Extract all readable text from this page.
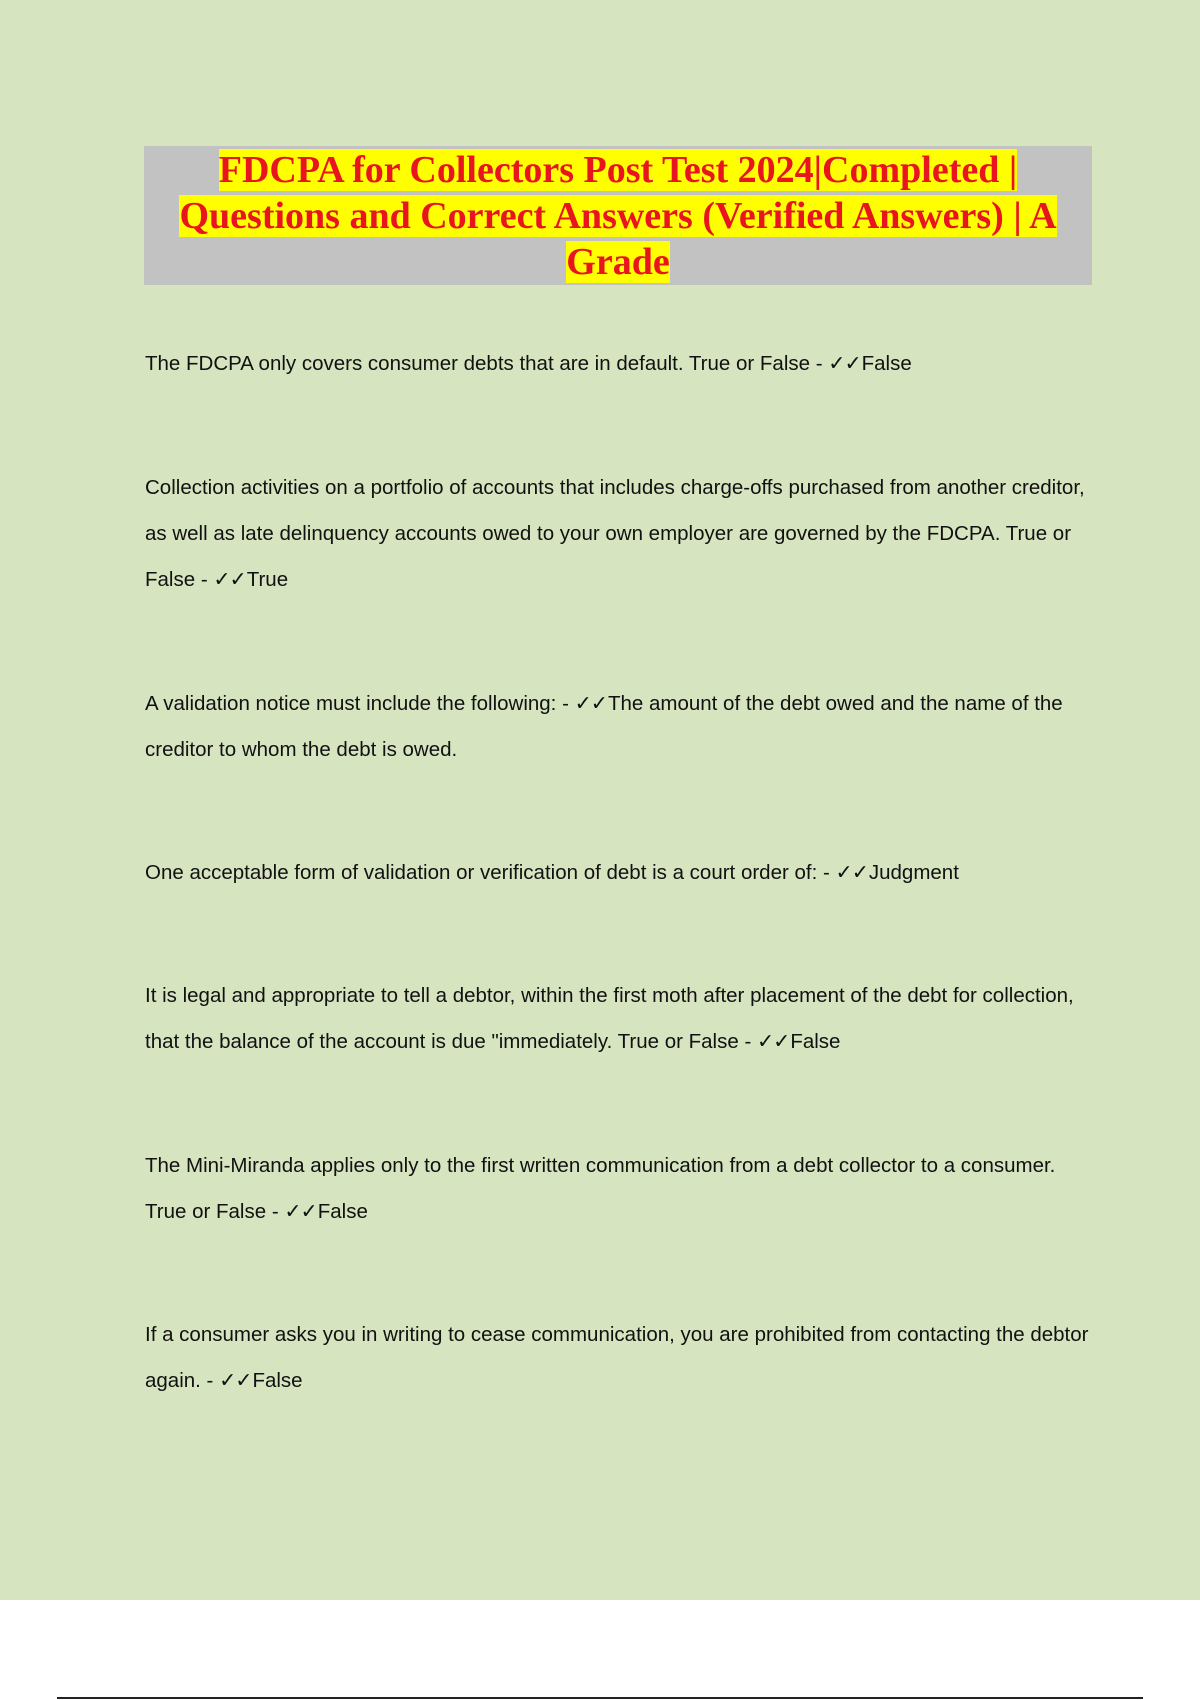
FDCPA for Collectors Post Test 2024|Completed | Questions and Correct Answers (Verified Answers) | A Grade

The FDCPA only covers consumer debts that are in default. True or False - ✓✓False

Collection activities on a portfolio of accounts that includes charge-offs purchased from another creditor, as well as late delinquency accounts owed to your own employer are governed by the FDCPA. True or False - ✓✓True

A validation notice must include the following: - ✓✓The amount of the debt owed and the name of the creditor to whom the debt is owed.

One acceptable form of validation or verification of debt is a court order of: - ✓✓Judgment

It is legal and appropriate to tell a debtor, within the first moth after placement of the debt for collection, that the balance of the account is due "immediately. True or False - ✓✓False

The Mini-Miranda applies only to the first written communication from a debt collector to a consumer. True or False - ✓✓False

If a consumer asks you in writing to cease communication, you are prohibited from contacting the debtor again. - ✓✓False
